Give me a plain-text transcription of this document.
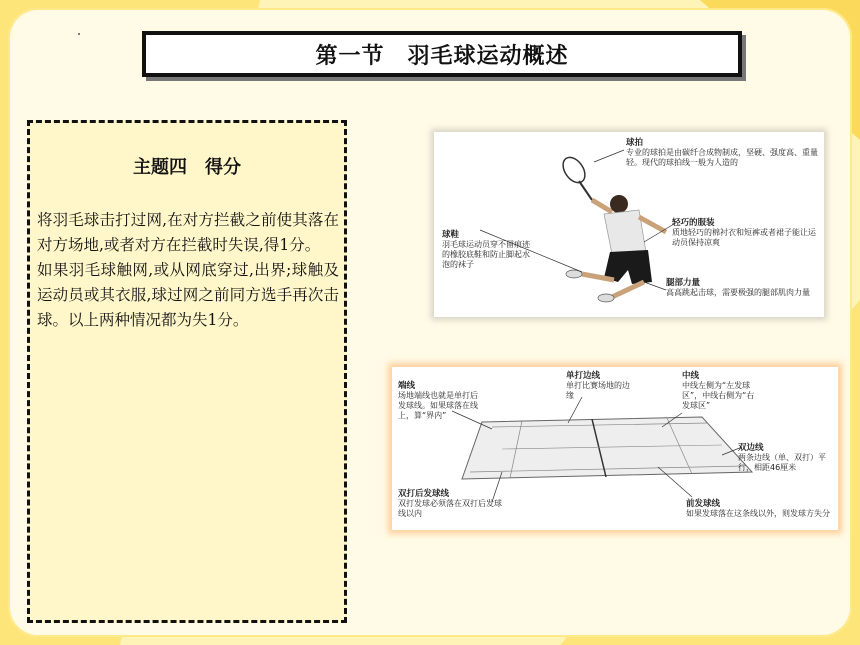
第一节　羽毛球运动概述
主题四　得分
将羽毛球击打过网,在对方拦截之前使其落在对方场地,或者对方在拦截时失误,得1分。
如果羽毛球触网,或从网底穿过,出界;球触及运动员或其衣服,球过网之前同方选手再次击球。以上两种情况都为失1分。
球拍
专业的球拍是由碳纤合成物制成，坚硬、强度高、重量轻。现代的球拍线一般为人造的
球鞋
羽毛球运动员穿不留痕迹的橡胶底鞋和防止脚起水泡的袜子
轻巧的服装
质地轻巧的棉衬衣和短裤或者裙子能让运动员保持凉爽
腿部力量
高高跳起击球，需要极强的腿部肌肉力量
端线
场地端线也就是单打后发球线。如果球落在线上，算“界内”
单打边线
单打比赛场地的边缘
中线
中线左侧为“左发球区”，中线右侧为“右发球区”
双边线
两条边线（单、双打）平行，相距46厘米
双打后发球线
双打发球必须落在双打后发球线以内
前发球线
如果发球落在这条线以外，则发球方失分
